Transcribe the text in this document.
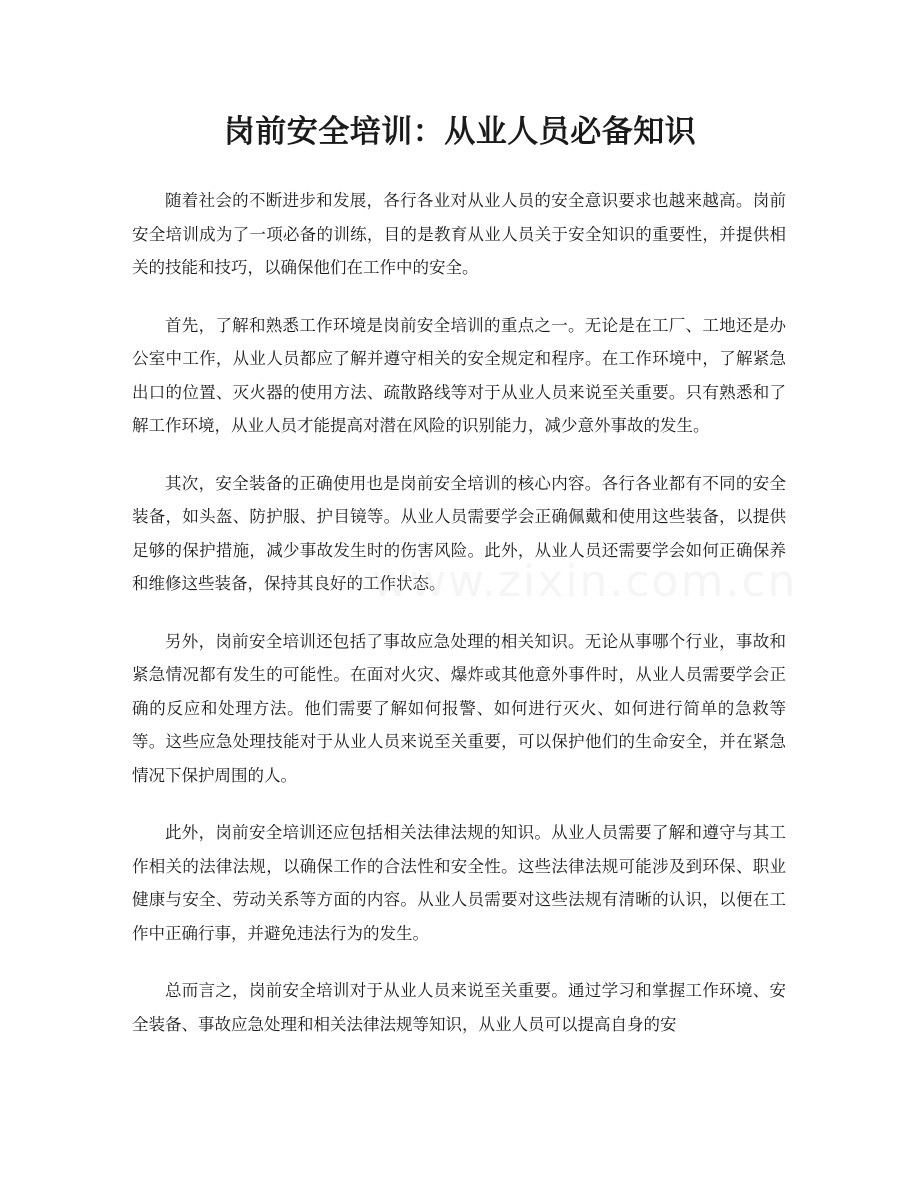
岗前安全培训：从业人员必备知识

随着社会的不断进步和发展，各行各业对从业人员的安全意识要求也越来越高。岗前安全培训成为了一项必备的训练，目的是教育从业人员关于安全知识的重要性，并提供相关的技能和技巧，以确保他们在工作中的安全。

首先，了解和熟悉工作环境是岗前安全培训的重点之一。无论是在工厂、工地还是办公室中工作，从业人员都应了解并遵守相关的安全规定和程序。在工作环境中，了解紧急出口的位置、灭火器的使用方法、疏散路线等对于从业人员来说至关重要。只有熟悉和了解工作环境，从业人员才能提高对潜在风险的识别能力，减少意外事故的发生。

其次，安全装备的正确使用也是岗前安全培训的核心内容。各行各业都有不同的安全装备，如头盔、防护服、护目镜等。从业人员需要学会正确佩戴和使用这些装备，以提供足够的保护措施，减少事故发生时的伤害风险。此外，从业人员还需要学会如何正确保养和维修这些装备，保持其良好的工作状态。

另外，岗前安全培训还包括了事故应急处理的相关知识。无论从事哪个行业，事故和紧急情况都有发生的可能性。在面对火灾、爆炸或其他意外事件时，从业人员需要学会正确的反应和处理方法。他们需要了解如何报警、如何进行灭火、如何进行简单的急救等等。这些应急处理技能对于从业人员来说至关重要，可以保护他们的生命安全，并在紧急情况下保护周围的人。

此外，岗前安全培训还应包括相关法律法规的知识。从业人员需要了解和遵守与其工作相关的法律法规，以确保工作的合法性和安全性。这些法律法规可能涉及到环保、职业健康与安全、劳动关系等方面的内容。从业人员需要对这些法规有清晰的认识，以便在工作中正确行事，并避免违法行为的发生。

总而言之，岗前安全培训对于从业人员来说至关重要。通过学习和掌握工作环境、安全装备、事故应急处理和相关法律法规等知识，从业人员可以提高自身的安

www.zixin.com.cn
